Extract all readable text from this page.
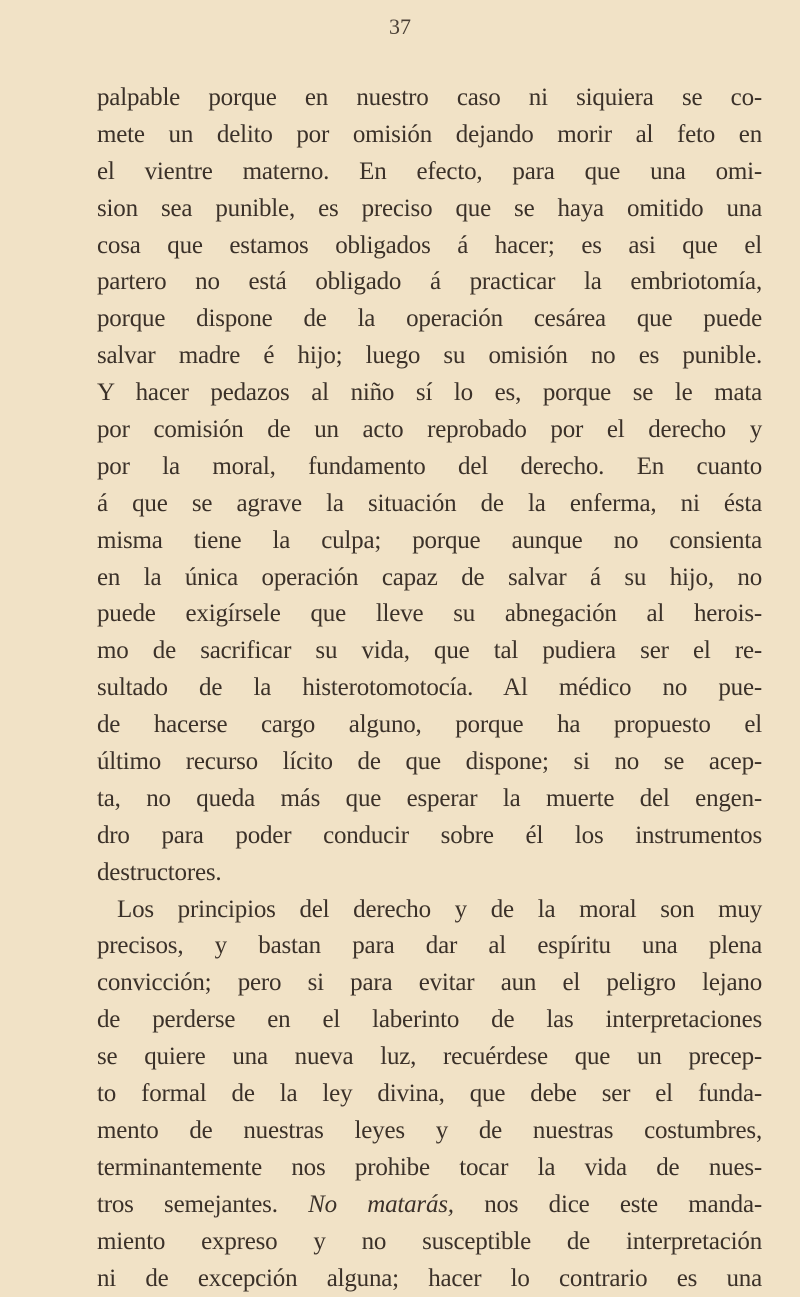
37
palpable porque en nuestro caso ni siquiera se co-
mete un delito por omisión dejando morir al feto en
el vientre materno. En efecto, para que una omi-
sion sea punible, es preciso que se haya omitido una
cosa que estamos obligados á hacer; es asi que el
partero no está obligado á practicar la embriotomía,
porque dispone de la operación cesárea que puede
salvar madre é hijo; luego su omisión no es punible.
Y hacer pedazos al niño sí lo es, porque se le mata
por comisión de un acto reprobado por el derecho y
por la moral, fundamento del derecho. En cuanto
á que se agrave la situación de la enferma, ni ésta
misma tiene la culpa; porque aunque no consienta
en la única operación capaz de salvar á su hijo, no
puede exigírsele que lleve su abnegación al herois-
mo de sacrificar su vida, que tal pudiera ser el re-
sultado de la histerotomotocía. Al médico no pue-
de hacerse cargo alguno, porque ha propuesto el
último recurso lícito de que dispone; si no se acep-
ta, no queda más que esperar la muerte del engen-
dro para poder conducir sobre él los instrumentos
destructores.
Los principios del derecho y de la moral son muy
precisos, y bastan para dar al espíritu una plena
convicción; pero si para evitar aun el peligro lejano
de perderse en el laberinto de las interpretaciones
se quiere una nueva luz, recuérdese que un precep-
to formal de la ley divina, que debe ser el funda-
mento de nuestras leyes y de nuestras costumbres,
terminantemente nos prohibe tocar la vida de nues-
tros semejantes. No matarás, nos dice este manda-
miento expreso y no susceptible de interpretación
ni de excepción alguna; hacer lo contrario es una
